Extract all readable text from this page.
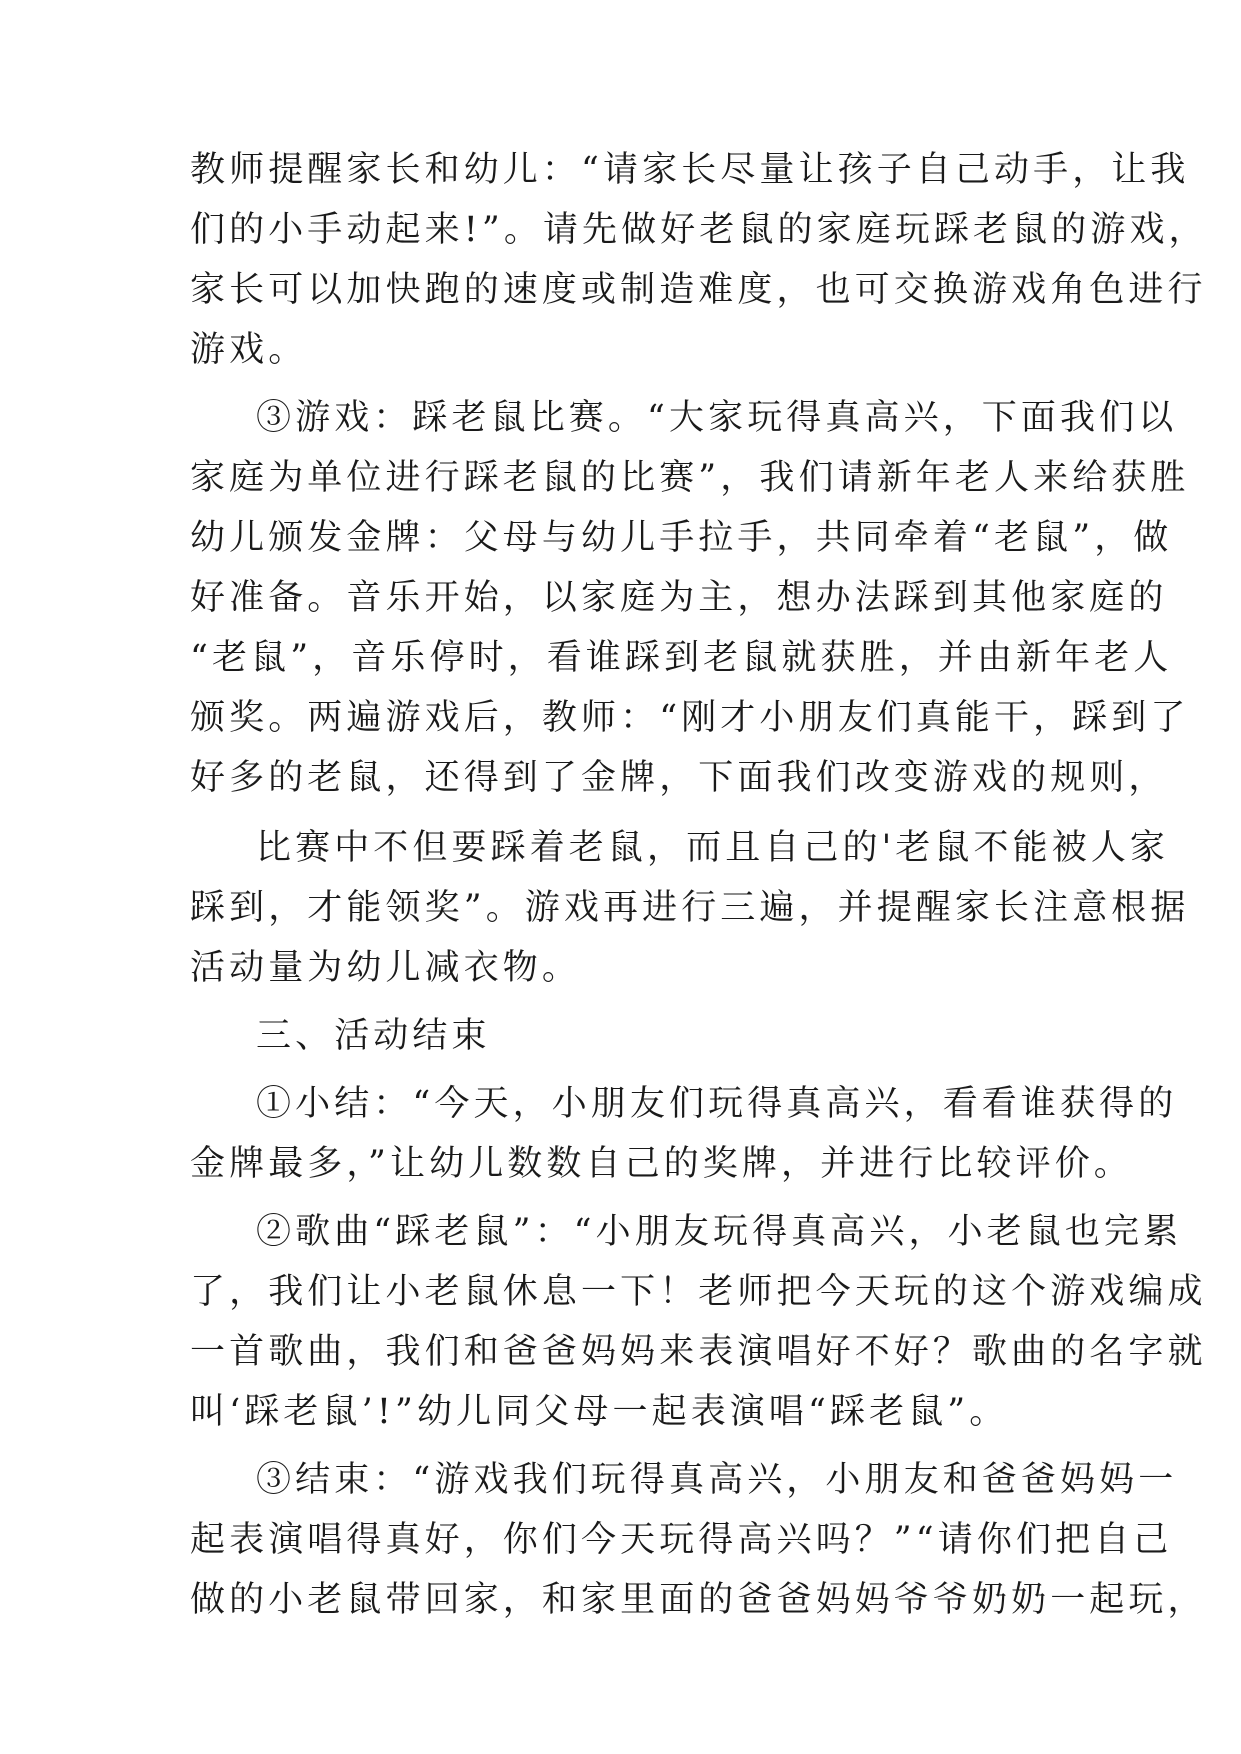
教师提醒家长和幼儿：“请家长尽量让孩子自己动手，让我
们的小手动起来!”。请先做好老鼠的家庭玩踩老鼠的游戏，
家长可以加快跑的速度或制造难度，也可交换游戏角色进行
游戏。
③游戏：踩老鼠比赛。“大家玩得真高兴，下面我们以
家庭为单位进行踩老鼠的比赛”，我们请新年老人来给获胜
幼儿颁发金牌：父母与幼儿手拉手，共同牵着“老鼠”，做
好准备。音乐开始，以家庭为主，想办法踩到其他家庭的
“老鼠”，音乐停时，看谁踩到老鼠就获胜，并由新年老人
颁奖。两遍游戏后，教师：“刚才小朋友们真能干，踩到了
好多的老鼠，还得到了金牌，下面我们改变游戏的规则，
比赛中不但要踩着老鼠，而且自己的'老鼠不能被人家
踩到，才能领奖”。游戏再进行三遍，并提醒家长注意根据
活动量为幼儿减衣物。
三、活动结束
①小结：“今天，小朋友们玩得真高兴，看看谁获得的
金牌最多，”让幼儿数数自己的奖牌，并进行比较评价。
②歌曲“踩老鼠”：“小朋友玩得真高兴，小老鼠也完累
了，我们让小老鼠休息一下！老师把今天玩的这个游戏编成
一首歌曲，我们和爸爸妈妈来表演唱好不好？歌曲的名字就
叫‘踩老鼠’!”幼儿同父母一起表演唱“踩老鼠”。
③结束：“游戏我们玩得真高兴，小朋友和爸爸妈妈一
起表演唱得真好，你们今天玩得高兴吗？”“请你们把自己
做的小老鼠带回家，和家里面的爸爸妈妈爷爷奶奶一起玩，
